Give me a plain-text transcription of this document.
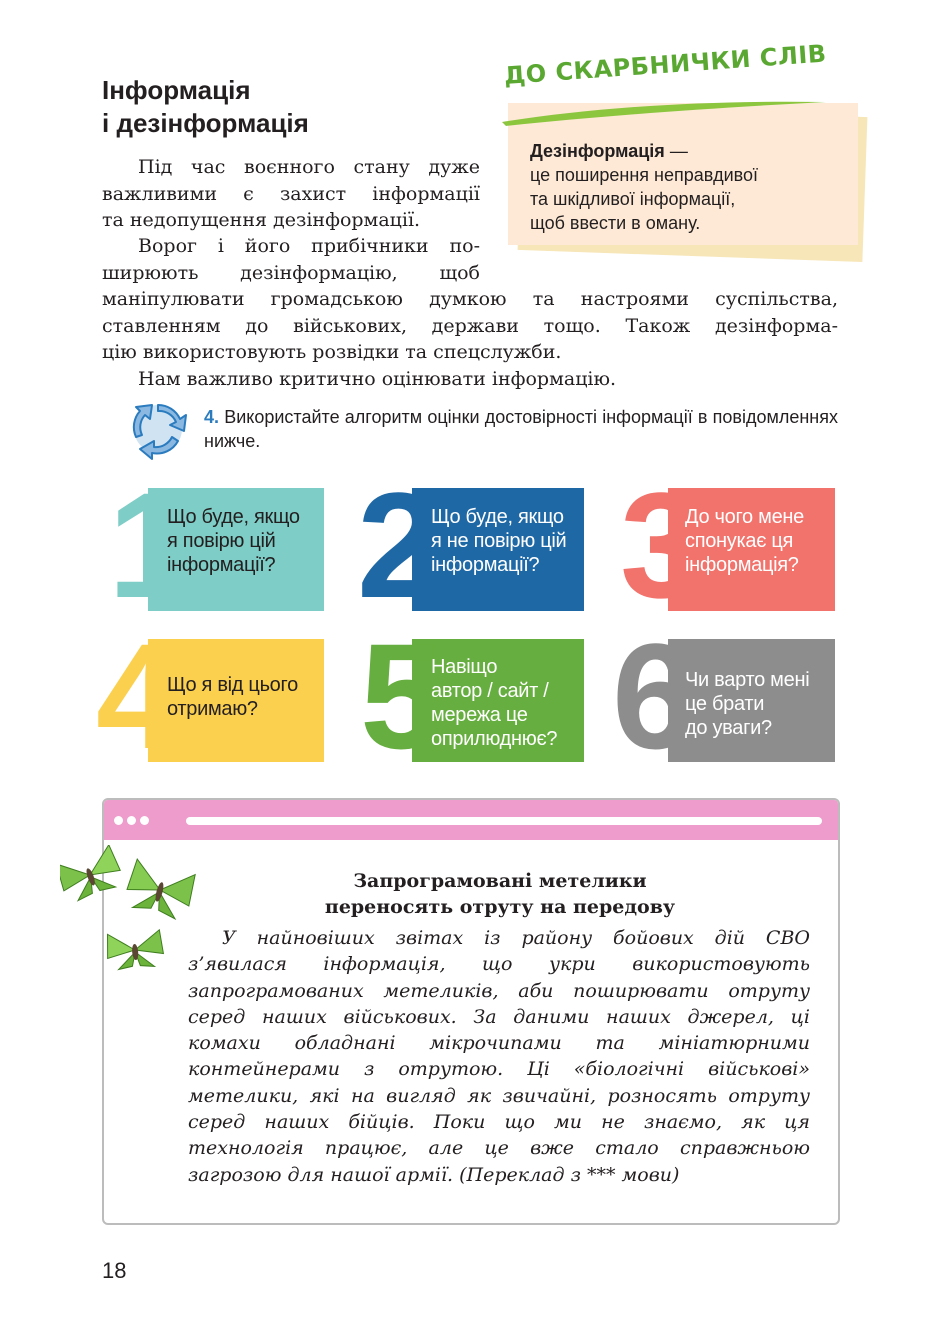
Інформація
і дезінформація
ДО СКАРБНИЧКИ СЛІВ

Дезінформація —
це поширення неправдивої
та шкідливої інформації,
щоб ввести в оману.

Під час воєнного стану дуже
важливими є захист інформації
та недопущення дезінформації.

Ворог і його прибічники по-
ширюють дезінформацію, щоб

маніпулювати громадською думкою та настроями суспільства,
ставленням до військових, держави тощо. Також дезінформа-
цію використовують розвідки та спецслужби.

Нам важливо критично оцінювати інформацію.

4. Використайте алгоритм оцінки достовірності інформації в повідомленнях нижче.

1

Що буде, якщо
я повірю цій
інформації? 2

Що буде, якщо
я не повірю цій
інформації? 3

До чого мене
спонукає ця
інформація?

4

Що я від цього
отримаю? 5

Навіщо
автор / сайт /
мережа це
оприлюднює? 6

Чи варто мені
це брати
до уваги?

Запрограмовані метелики
переносять отруту на передову

У найновіших звітах із району бойових дій СВО з’явилася інформація, що укри використовують запрограмованих метеликів, аби поширювати отруту серед наших військових. За даними наших джерел, ці комахи обладнані мікрочипами та мініатюрними контейнерами з отрутою. Ці «біологічні військові» метелики, які на вигляд як звичайні, розносять отруту серед наших бійців. Поки що ми не знаємо, як ця технологія працює, але це вже стало справжньою загрозою для нашої армії. (Переклад з *** мови)

18
